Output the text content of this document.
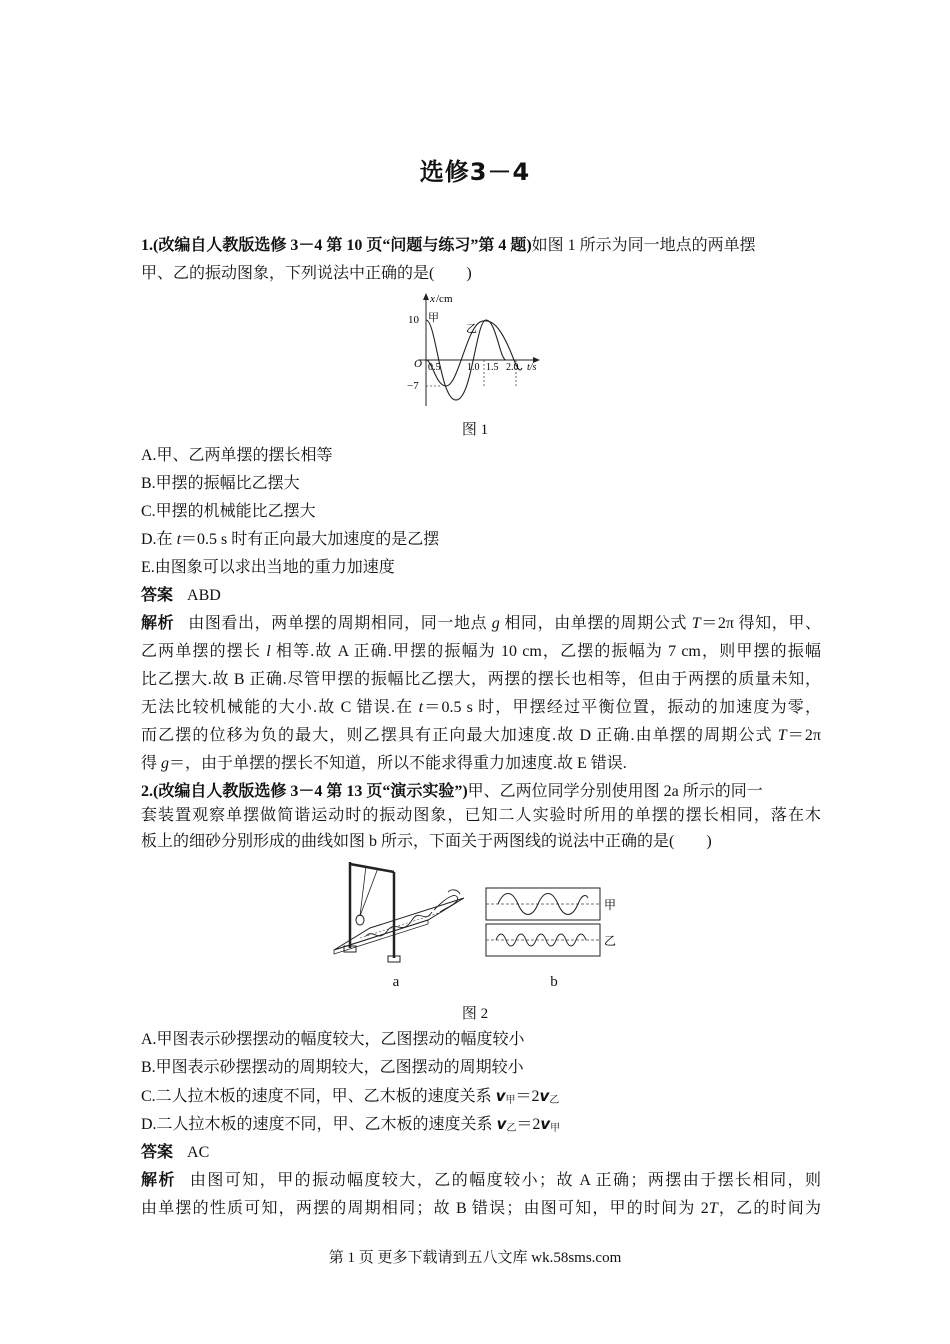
选修3－4
1.(改编自人教版选修 3－4 第 10 页“问题与练习”第 4 题)如图 1 所示为同一地点的两单摆
甲、乙的振动图象，下列说法中正确的是(　　)
x /cm
甲
乙
10
−7
O 0.5	1.0 1.5 2.0 t/s
图 1
A.甲、乙两单摆的摆长相等
B.甲摆的振幅比乙摆大
C.甲摆的机械能比乙摆大
D.在 t＝0.5 s 时有正向最大加速度的是乙摆
E.由图象可以求出当地的重力加速度
答案 ABD
解析 由图看出，两单摆的周期相同，同一地点 g 相同，由单摆的周期公式 T＝2π 得知，甲、
乙两单摆的摆长 l 相等.故 A 正确.甲摆的振幅为 10 cm，乙摆的振幅为 7 cm，则甲摆的振幅
比乙摆大.故 B 正确.尽管甲摆的振幅比乙摆大，两摆的摆长也相等，但由于两摆的质量未知，
无法比较机械能的大小.故 C 错误.在 t＝0.5 s 时，甲摆经过平衡位置，振动的加速度为零，
而乙摆的位移为负的最大，则乙摆具有正向最大加速度.故 D 正确.由单摆的周期公式 T＝2π
得 g＝，由于单摆的摆长不知道，所以不能求得重力加速度.故 E 错误.
2.(改编自人教版选修 3－4 第 13 页“演示实验”)甲、乙两位同学分别使用图 2a 所示的同一
套装置观察单摆做简谐运动时的振动图象，已知二人实验时所用的单摆的摆长相同，落在木
板上的细砂分别形成的曲线如图 b 所示，下面关于两图线的说法中正确的是(　　)
甲
乙
a	b
图 2
A.甲图表示砂摆摆动的幅度较大，乙图摆动的幅度较小
B.甲图表示砂摆摆动的周期较大，乙图摆动的周期较小
C.二人拉木板的速度不同，甲、乙木板的速度关系 $v_甲=2v_乙$
D.二人拉木板的速度不同，甲、乙木板的速度关系 $v_乙=2v_甲$
答案 AC
解析 由图可知，甲的振动幅度较大，乙的幅度较小；故 A 正确；两摆由于摆长相同，则
由单摆的性质可知，两摆的周期相同；故 B 错误；由图可知，甲的时间为 2T，乙的时间为
第 1 页 更多下载请到五八文库 wk.58sms.com
